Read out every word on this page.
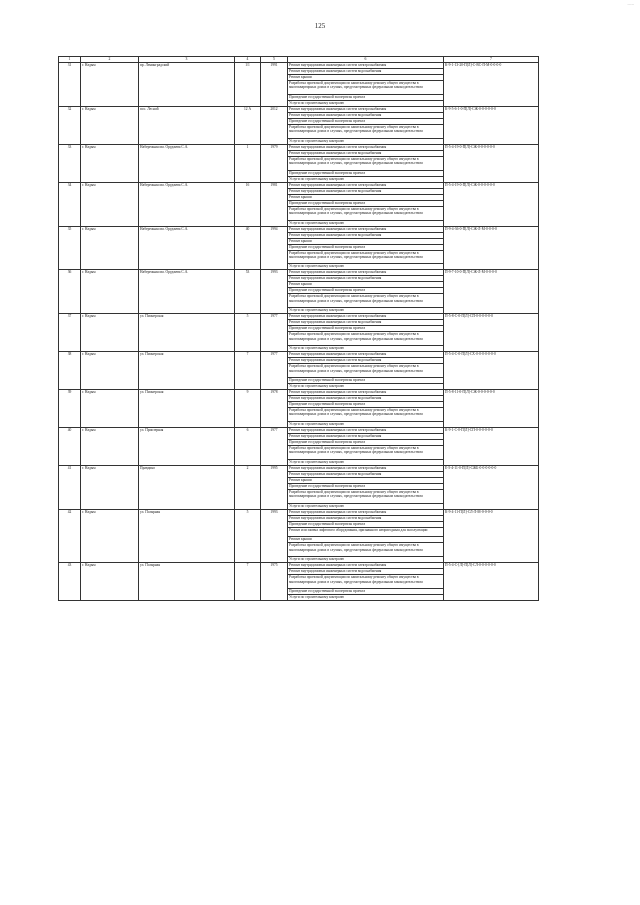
~~~
125
1	2	3	4	5	6	7
31	г. Надым	пр. Ленинградский	1/1	1991	Ремонт внутридомовых инженерных систем электроснабжения	К-9-1-13-20-П[Л]-С-ВС-П-М-0-0-0-0
					Ремонт внутридомовых инженерных систем водоснабжения	
					Ремонт крыши	
					Разработка проектной документации по капитальному ремонту общего имущества в многоквартирных домах в случаях, предусмотренных федеральным законодательством	
					Проведение государственной экспертизы проекта	
					Услуги по строительному контролю	
32	г. Надым	пос. Лесной	12 А	2012	Ремонт внутридомовых инженерных систем электроснабжения	К-9-5-6-1-0-П[Л]-СЖ-0-0-0-0-0-0
					Ремонт внутридомовых инженерных систем водоснабжения	
					Проведение государственной экспертизы проекта	
					Разработка проектной документации по капитальному ремонту общего имущества в многоквартирных домах в случаях, предусмотренных федеральным законодательством	
					Услуги по строительному контролю	
33	г. Надым	Набережная им. Оруджева С.А.	1	1979	Ремонт внутридомовых инженерных систем электроснабжения	П-5-4-19-0-П[Л]-СЖ-0-0-0-0-0-0
					Ремонт внутридомовых инженерных систем водоснабжения	
					Разработка проектной документации по капитальному ремонту общего имущества в многоквартирных домах в случаях, предусмотренных федеральным законодательством	
					Проведение государственной экспертизы проекта	
					Услуги по строительному контролю	
34	г. Надым	Набережная им. Оруджева С.А.	16	1981	Ремонт внутридомовых инженерных систем электроснабжения	П-5-4-19-0-П[Л]-СЖ-0-0-0-0-0-0
					Ремонт внутридомовых инженерных систем водоснабжения	
					Ремонт крыши	
					Проведение государственной экспертизы проекта	
					Разработка проектной документации по капитальному ремонту общего имущества в многоквартирных домах в случаях, предусмотренных федеральным законодательством	
					Услуги по строительному контролю	
35	г. Надым	Набережная им. Оруджева С.А.	40	1994	Ремонт внутридомовых инженерных систем электроснабжения	П-9-4-36-0-П[Л]-СЖ-Л-М-0-0-0-0
					Ремонт внутридомовых инженерных систем водоснабжения	
					Ремонт крыши	
					Проведение государственной экспертизы проекта	
					Разработка проектной документации по капитальному ремонту общего имущества в многоквартирных домах в случаях, предусмотренных федеральным законодательством	
					Услуги по строительному контролю	
36	г. Надым	Набережная им. Оруджева С.А.	53	1993	Ремонт внутридомовых инженерных систем электроснабжения	П-9-7-10-0-П[Л]-СЖ-Л-М-0-0-0-0
					Ремонт внутридомовых инженерных систем водоснабжения	
					Ремонт крыши	
					Проведение государственной экспертизы проекта	
					Разработка проектной документации по капитальному ремонту общего имущества в многоквартирных домах в случаях, предусмотренных федеральным законодательством	
					Услуги по строительному контролю	
37	г. Надым	ул. Пионерская	5	1977	Ремонт внутридомовых инженерных систем электроснабжения	П-5-8-С-0-П[Л]-СП-0-0-0-0-0-0
					Ремонт внутридомовых инженерных систем водоснабжения	
					Проведение государственной экспертизы проекта	
					Разработка проектной документации по капитальному ремонту общего имущества в многоквартирных домах в случаях, предусмотренных федеральным законодательством	
					Услуги по строительному контролю	
38	г. Надым	ул. Пионерская	7	1977	Ремонт внутридомовых инженерных систем электроснабжения	П-5-4-С-0-П[Л]-СХ-0-0-0-0-0-0-0
					Ремонт внутридомовых инженерных систем водоснабжения	
					Разработка проектной документации по капитальному ремонту общего имущества в многоквартирных домах в случаях, предусмотренных федеральным законодательством	
					Проведение государственной экспертизы проекта	
					Услуги по строительному контролю	
39	г. Надым	ул. Пионерская	9	1978	Ремонт внутридомовых инженерных систем электроснабжения	П-5-8-11-0-П[Л]-СЖ-0-0-0-0-0-0
					Ремонт внутридомовых инженерных систем водоснабжения	
					Проведение государственной экспертизы проекта	
					Разработка проектной документации по капитальному ремонту общего имущества в многоквартирных домах в случаях, предусмотренных федеральным законодательством	
					Услуги по строительному контролю	
40	г. Надым	ул. Приозерная	6	1977	Ремонт внутридомовых инженерных систем электроснабжения	К-9-1-С-0-П[Л]-СП-0-0-0-0-0-0
					Ремонт внутридомовых инженерных систем водоснабжения	
					Проведение государственной экспертизы проекта	
					Разработка проектной документации по капитальному ремонту общего имущества в многоквартирных домах в случаях, предусмотренных федеральным законодательством	
					Услуги по строительному контролю	
41	г. Надым	Правдино	2	1995	Ремонт внутридомовых инженерных систем электроснабжения	Е-5-4-11-0-П[Л]-СЖБ-0-0-0-0-0-0
					Ремонт внутридомовых инженерных систем водоснабжения	
					Ремонт крыши	
					Проведение государственной экспертизы проекта	
					Разработка проектной документации по капитальному ремонту общего имущества в многоквартирных домах в случаях, предусмотренных федеральным законодательством	
					Услуги по строительному контролю	
42	г. Надым	ул. Полярная	5	1993	Ремонт внутридомовых инженерных систем электроснабжения	К-9-4-11-П[Л]-СЛ-Л-М-0-0-0-0
					Ремонт внутридомовых инженерных систем водоснабжения	
					Проведение государственной экспертизы проекта	
					Ремонт или замена лифтового оборудования, признанного непригодным для эксплуатации	
					Ремонт крыши	
					Разработка проектной документации по капитальному ремонту общего имущества в многоквартирных домах в случаях, предусмотренных федеральным законодательством	
					Услуги по строительному контролю	
43	г. Надым	ул. Полярная	7	1975	Ремонт внутридомовых инженерных систем электроснабжения	П-5-4-С-[Л]-П[Л]-СЛ-0-0-0-0-0-0
					Ремонт внутридомовых инженерных систем водоснабжения	
					Разработка проектной документации по капитальному ремонту общего имущества в многоквартирных домах в случаях, предусмотренных федеральным законодательством	
					Проведение государственной экспертизы проекта	
					Услуги по строительному контролю	
